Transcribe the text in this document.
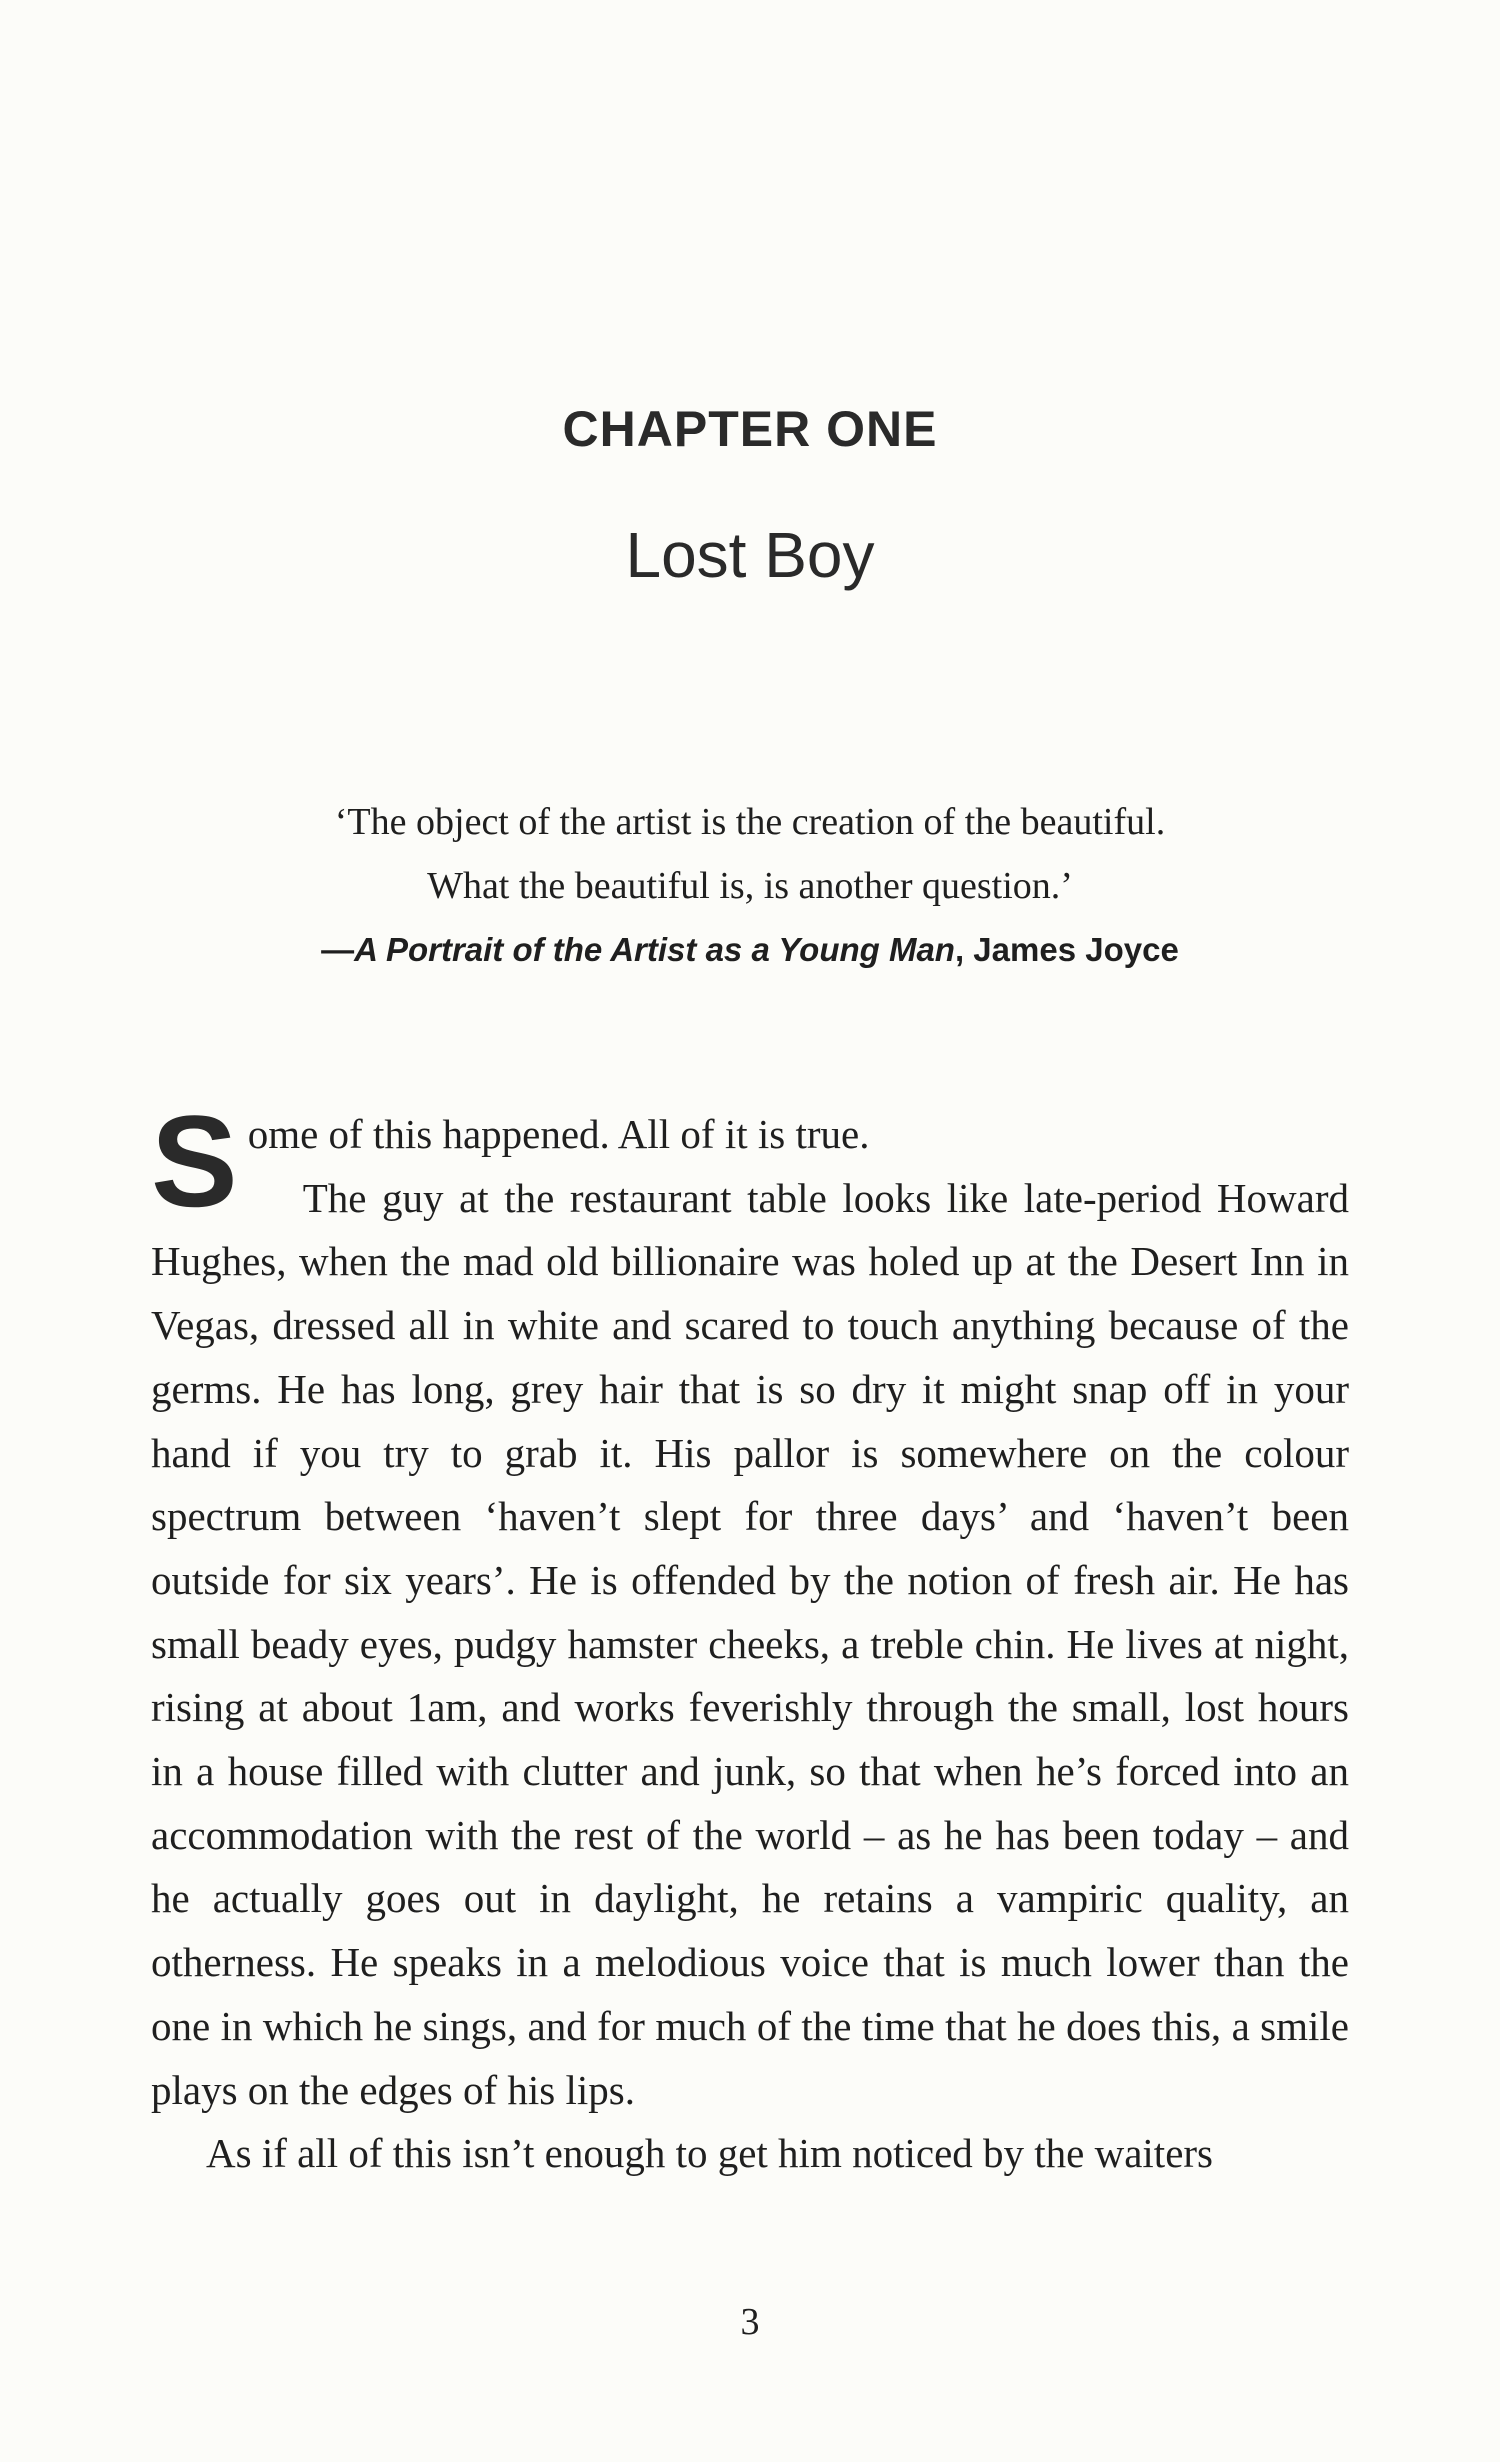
CHAPTER ONE
Lost Boy
‘The object of the artist is the creation of the beautiful.
What the beautiful is, is another question.’
—A Portrait of the Artist as a Young Man, James Joyce

Some of this happened. All of it is true.

The guy at the restaurant table looks like late-period Howard Hughes, when the mad old billionaire was holed up at the Desert Inn in Vegas, dressed all in white and scared to touch anything because of the germs. He has long, grey hair that is so dry it might snap off in your hand if you try to grab it. His pallor is somewhere on the colour spectrum between ‘haven’t slept for three days’ and ‘haven’t been outside for six years’. He is offended by the notion of fresh air. He has small beady eyes, pudgy hamster cheeks, a treble chin. He lives at night, rising at about 1am, and works feverishly through the small, lost hours in a house filled with clutter and junk, so that when he’s forced into an accommodation with the rest of the world – as he has been today – and he actually goes out in daylight, he retains a vampiric quality, an otherness. He speaks in a melodious voice that is much lower than the one in which he sings, and for much of the time that he does this, a smile plays on the edges of his lips.

As if all of this isn’t enough to get him noticed by the waiters

3
